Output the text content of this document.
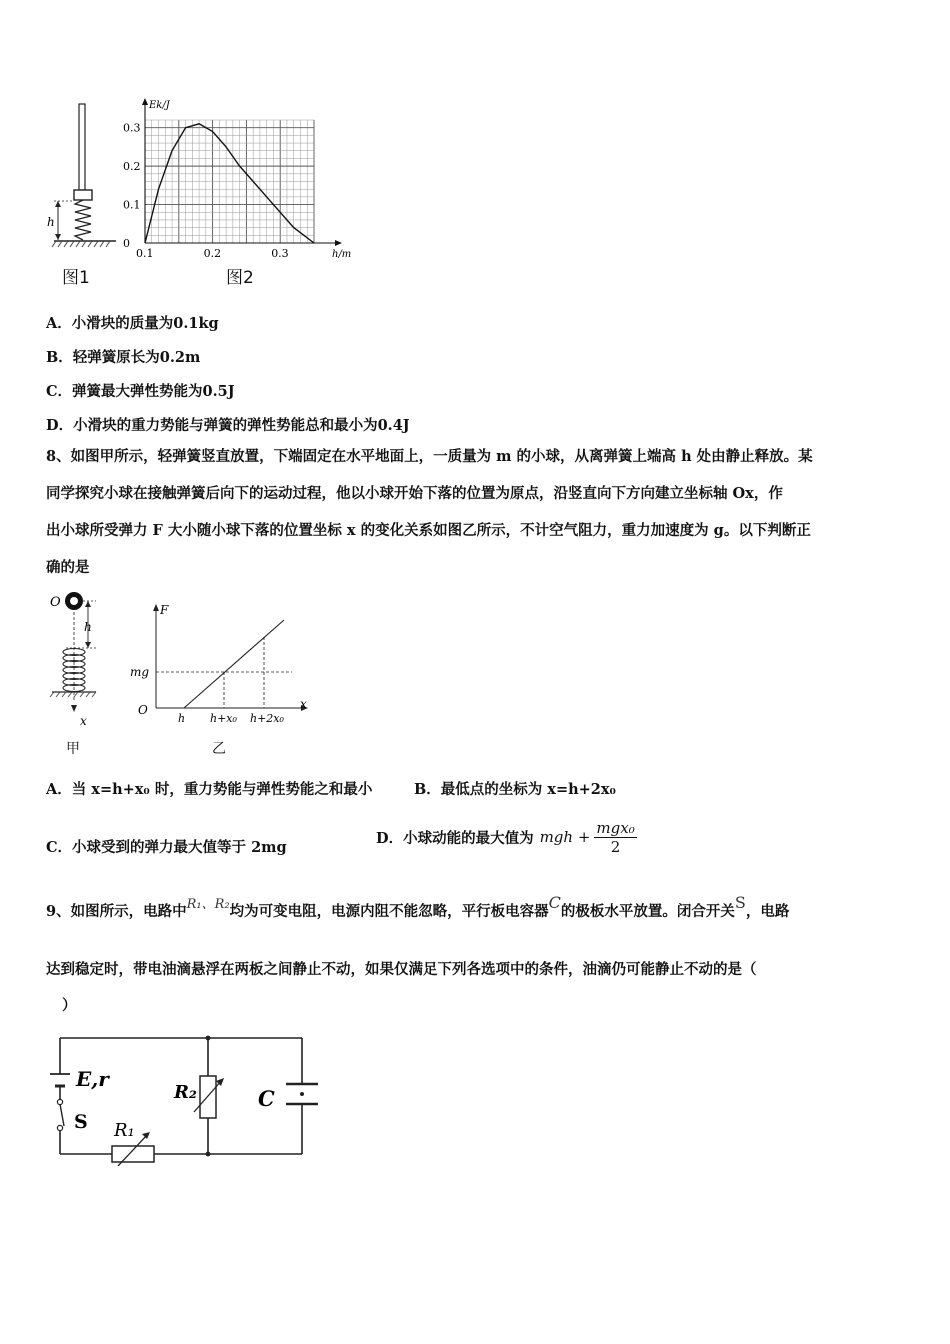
h
图1
0.1	0.2	0.3
0
0.1
0.2
0.3
Ek/J
h/m
图2
A．小滑块的质量为0.1kg
B．轻弹簧原长为0.2m
C．弹簧最大弹性势能为0.5J
D．小滑块的重力势能与弹簧的弹性势能总和最小为0.4J
8、如图甲所示，轻弹簧竖直放置，下端固定在水平地面上，一质量为 m 的小球，从离弹簧上端高 h 处由静止释放。某
同学探究小球在接触弹簧后向下的运动过程，他以小球开始下落的位置为原点，沿竖直向下方向建立坐标轴 Ox，作
出小球所受弹力 F 大小随小球下落的位置坐标 x 的变化关系如图乙所示，不计空气阻力，重力加速度为 g。以下判断正
确的是
O
h
x
甲
F
O	x
mg
h h+x₀ h+2x₀
乙
A．当 x=h+x₀ 时，重力势能与弹性势能之和最小	B．最低点的坐标为 x=h+2x₀
C．小球受到的弹力最大值等于 2mg
D．小球动能的最大值为 mgh + $\frac{\text{mgx₀}}{2}$
9、如图所示，电路中R₁、R₂均为可变电阻，电源内阻不能忽略，平行板电容器C的极板水平放置。闭合开关S，电路
达到稳定时，带电油滴悬浮在两板之间静止不动，如果仅满足下列各选项中的条件，油滴仍可能静止不动的是（
）
E,r
S R₁
R₂	C
